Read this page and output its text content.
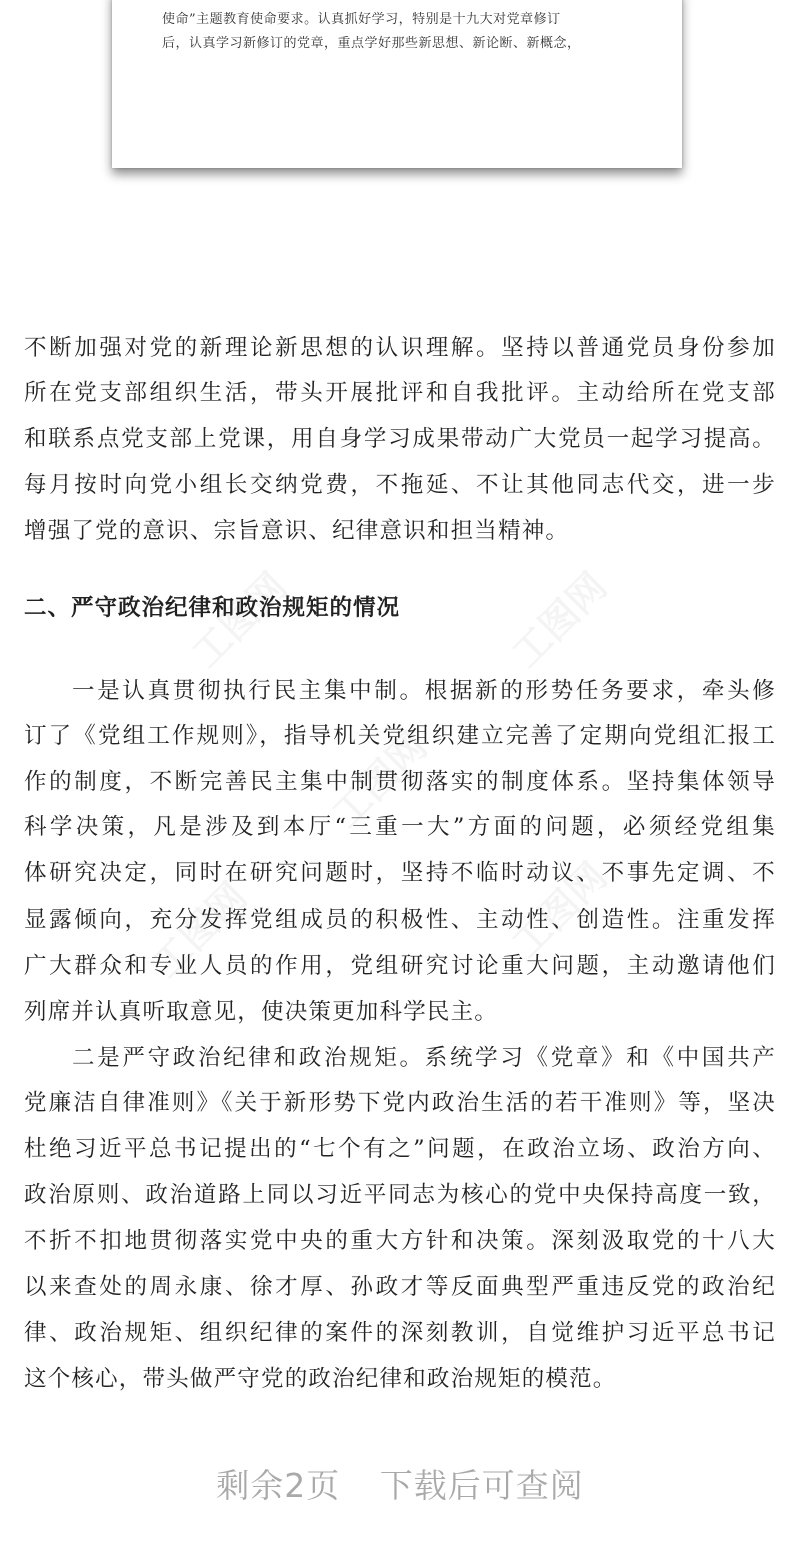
使命”主题教育使命要求。认真抓好学习，特别是十九大对党章修订
后，认真学习新修订的党章，重点学好那些新思想、新论断、新概念，
不断加强对党的新理论新思想的认识理解。坚持以普通党员身份参加
所在党支部组织生活，带头开展批评和自我批评。主动给所在党支部
和联系点党支部上党课，用自身学习成果带动广大党员一起学习提高。
每月按时向党小组长交纳党费，不拖延、不让其他同志代交，进一步
增强了党的意识、宗旨意识、纪律意识和担当精神。
二、严守政治纪律和政治规矩的情况
一是认真贯彻执行民主集中制。根据新的形势任务要求，牵头修
订了《党组工作规则》，指导机关党组织建立完善了定期向党组汇报工
作的制度，不断完善民主集中制贯彻落实的制度体系。坚持集体领导
科学决策，凡是涉及到本厅“三重一大”方面的问题，必须经党组集
体研究决定，同时在研究问题时，坚持不临时动议、不事先定调、不
显露倾向，充分发挥党组成员的积极性、主动性、创造性。注重发挥
广大群众和专业人员的作用，党组研究讨论重大问题，主动邀请他们
列席并认真听取意见，使决策更加科学民主。
二是严守政治纪律和政治规矩。系统学习《党章》和《中国共产
党廉洁自律准则》《关于新形势下党内政治生活的若干准则》等，坚决
杜绝习近平总书记提出的“七个有之”问题，在政治立场、政治方向、
政治原则、政治道路上同以习近平同志为核心的党中央保持高度一致，
不折不扣地贯彻落实党中央的重大方针和决策。深刻汲取党的十八大
以来查处的周永康、徐才厚、孙政才等反面典型严重违反党的政治纪
律、政治规矩、组织纪律的案件的深刻教训，自觉维护习近平总书记
这个核心，带头做严守党的政治纪律和政治规矩的模范。
剩余2页 下载后可查阅
